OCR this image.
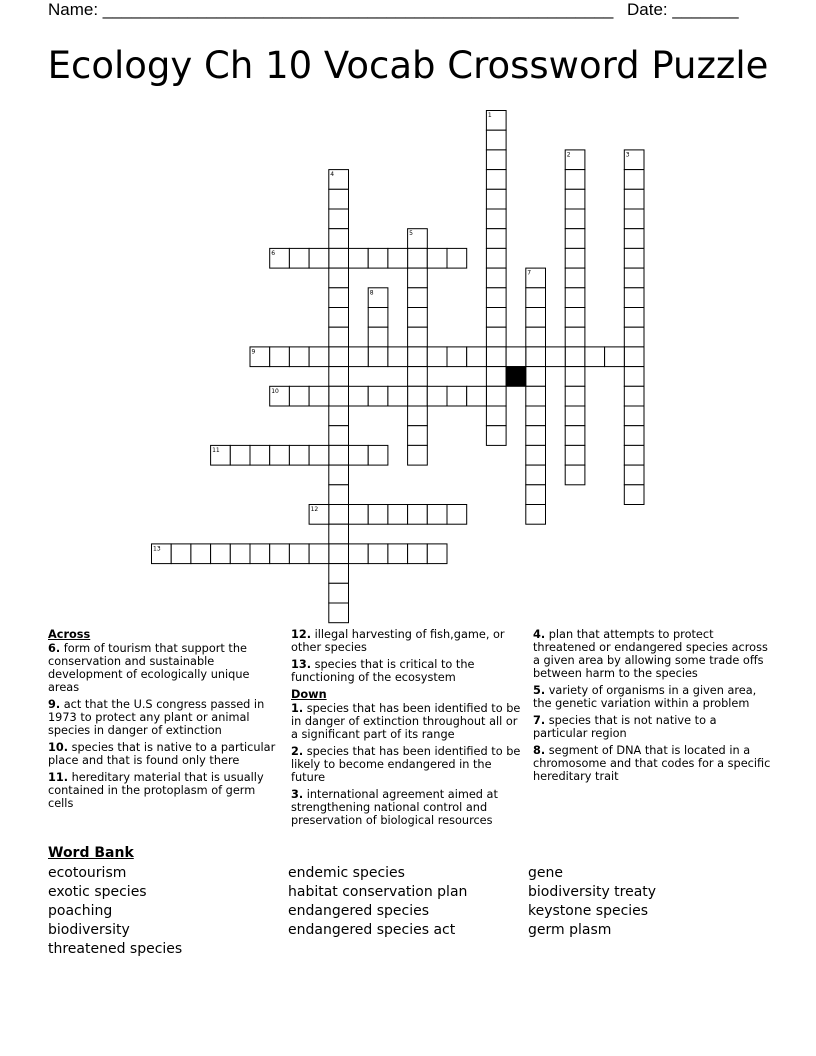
Name: ______________________________________________________ Date: _______
Ecology Ch 10 Vocab Crossword Puzzle
1
2	3
4
5
6
7
8
9
10
11
12
13
Across
6. form of tourism that support the conservation and sustainable development of ecologically unique areas
9. act that the U.S congress passed in 1973 to protect any plant or animal species in danger of extinction
10. species that is native to a particular place and that is found only there
11. hereditary material that is usually contained in the protoplasm of germ cells
12. illegal harvesting of fish,game, or other species
13. species that is critical to the functioning of the ecosystem
Down
1. species that has been identified to be in danger of extinction throughout all or a significant part of its range
2. species that has been identified to be likely to become endangered in the future
3. international agreement aimed at strengthening national control and preservation of biological resources
4. plan that attempts to protect threatened or endangered species across a given area by allowing some trade offs between harm to the species
5. variety of organisms in a given area, the genetic variation within a problem
7. species that is not native to a particular region
8. segment of DNA that is located in a chromosome and that codes for a specific hereditary trait
Word Bank
ecotourism
exotic species
poaching
biodiversity
threatened species
endemic species
habitat conservation plan
endangered species
endangered species act
gene
biodiversity treaty
keystone species
germ plasm
